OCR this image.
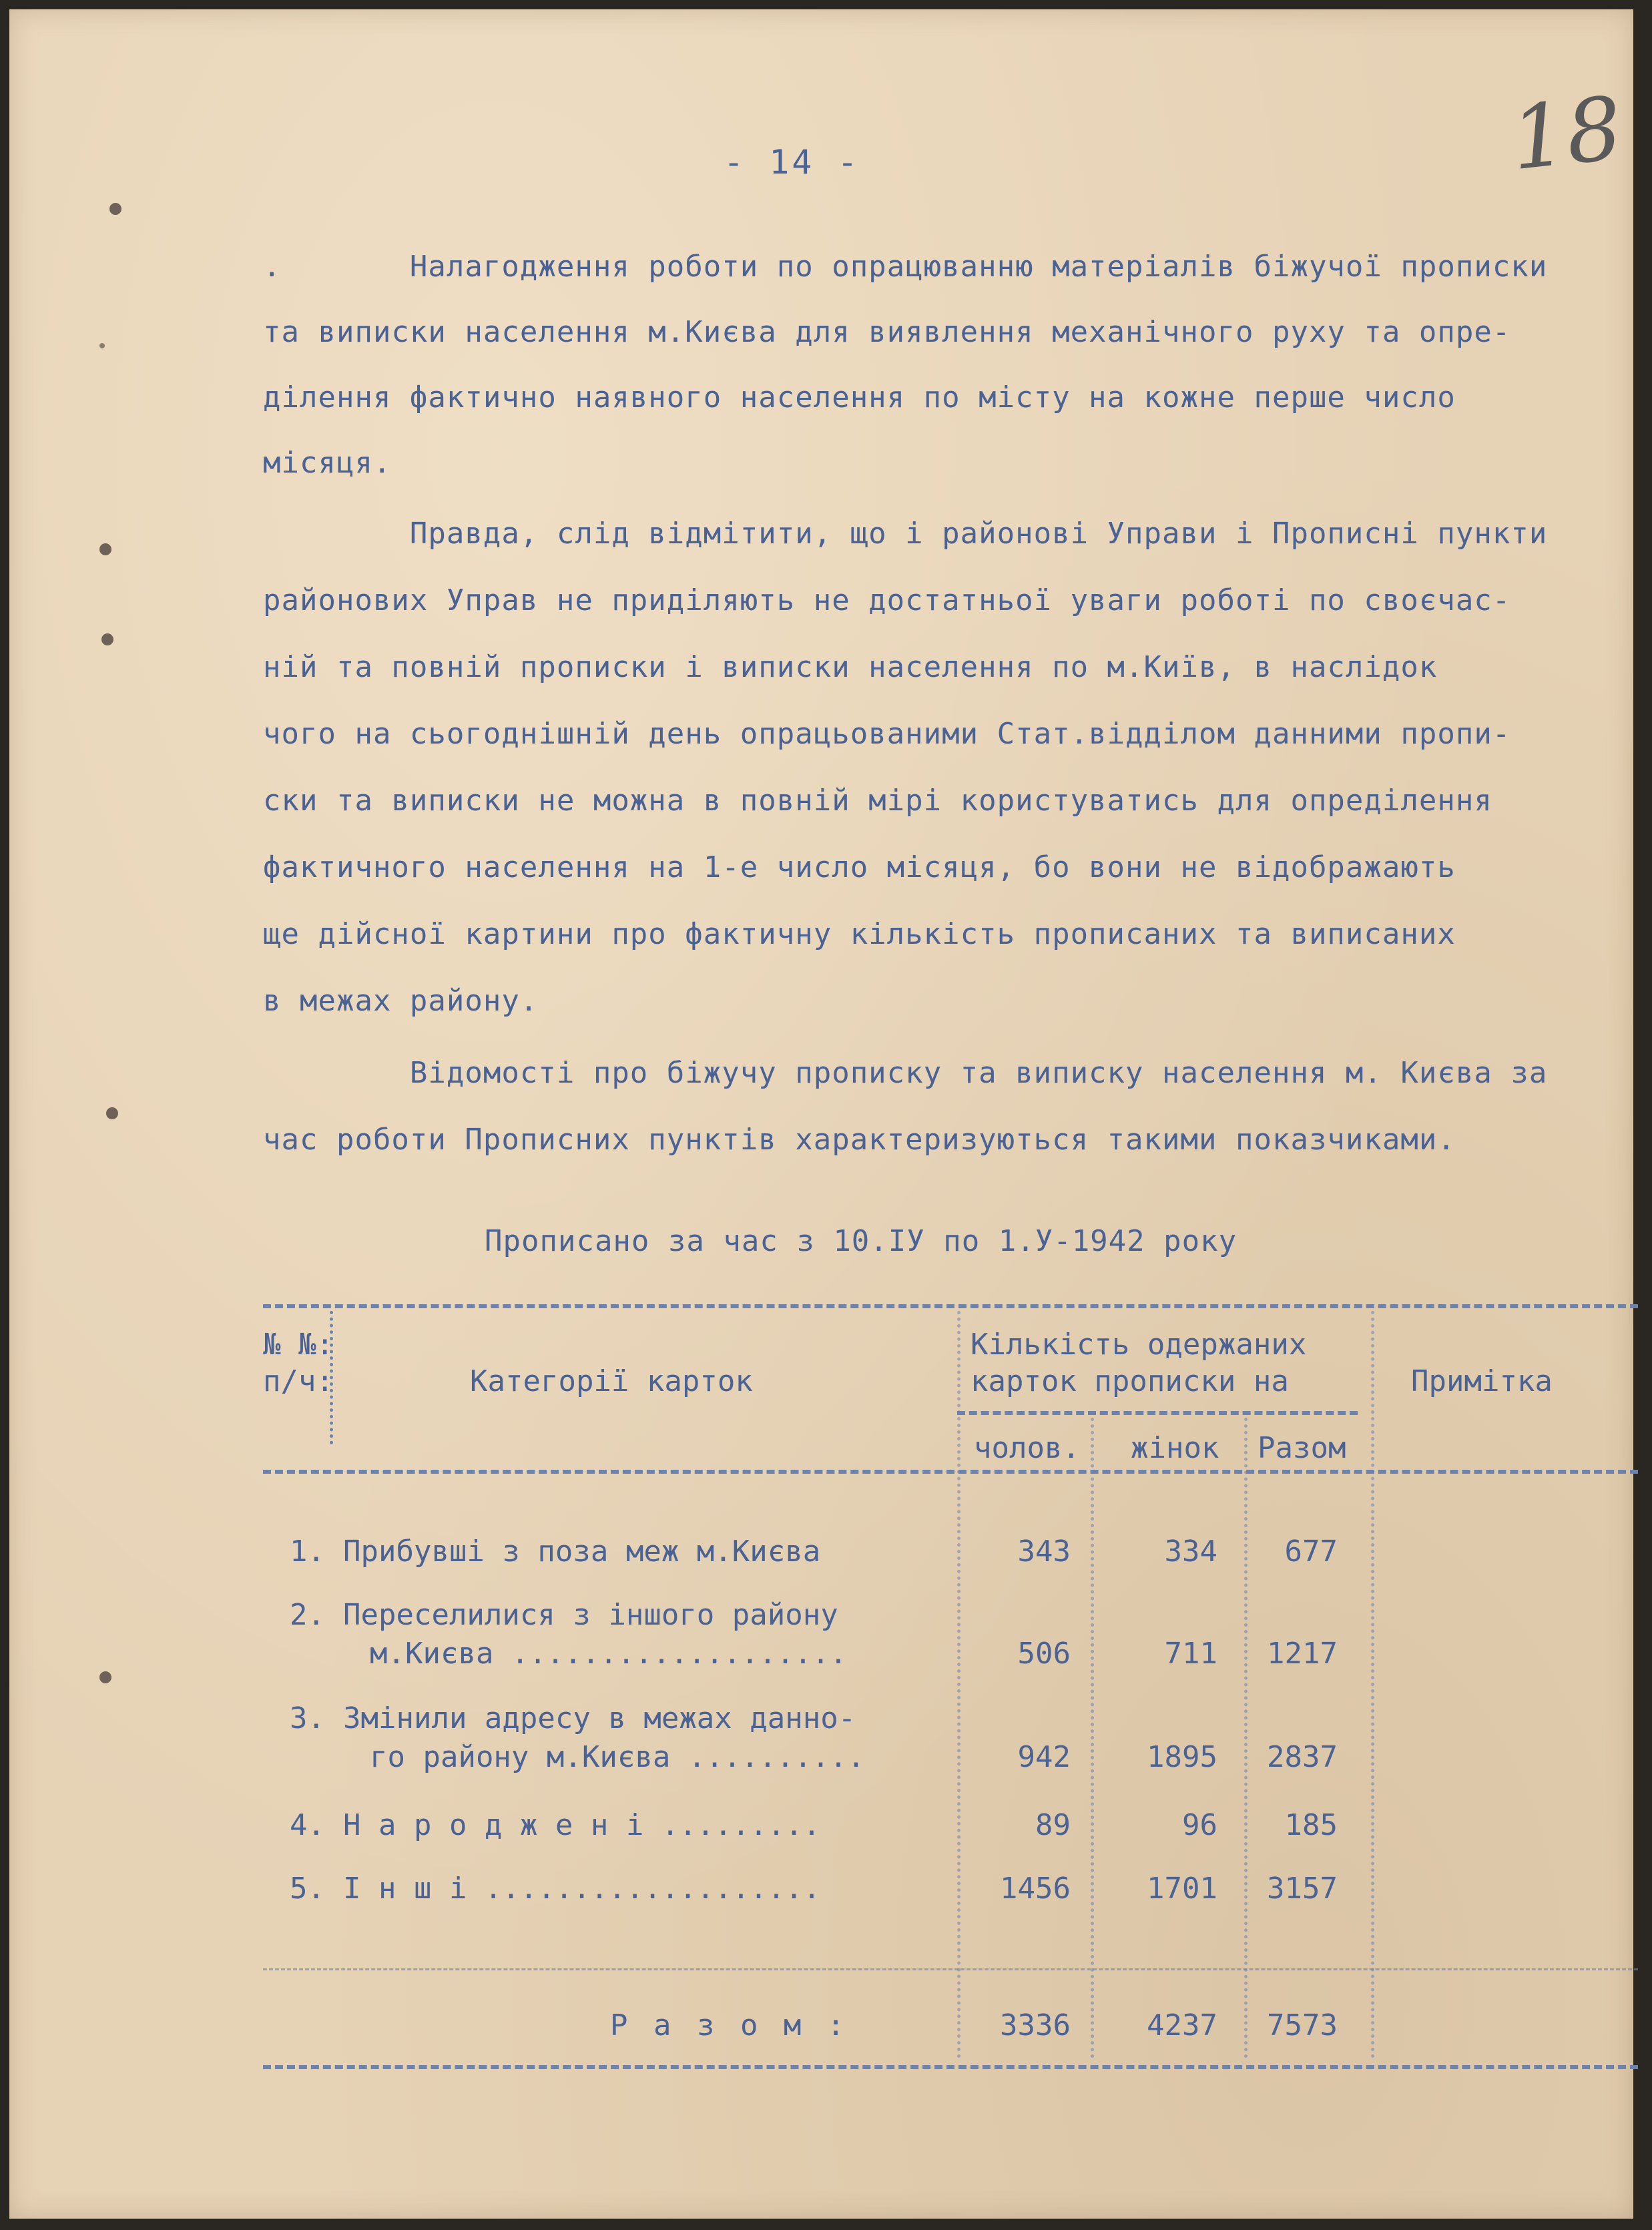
- 14 -	18
.       Налагодження роботи по опрацюванню матеріалів біжучої прописки
та виписки населення м.Києва для виявлення механічного руху та опре-
ділення фактично наявного населення по місту на кожне перше число
місяця.
Правда, слід відмітити, що і районові Управи і Прописні пункти
районових Управ не приділяють не достатньої уваги роботі по своєчас-
ній та повній прописки і виписки населення по м.Київ, в наслідок
чого на сьогоднішній день опрацьованими Стат.відділом данними пропи-
ски та виписки не можна в повній мірі користуватись для опреділення
фактичного населення на 1-е число місяця, бо вони не відображають
ще дійсної картини про фактичну кількість прописаних та виписаних
в межах району.
Відомості про біжучу прописку та виписку населення м. Києва за
час роботи Прописних пунктів характеризуються такими показчиками.
Прописано за час з 10.IУ по 1.У-1942 року
№ №:
п/ч:	Категорії карток
Кількість одержаних
карток прописки на
чолов. жінок Разом
Примітка
1. Прибувші з поза меж м.Києва	343	334	677
2. Переселилися з іншого району
м.Києва ...................	506	711	1217
3. Змінили адресу в межах данно-
го району м.Києва ..........	942	1895	2837
4. Н а р о д ж е н і .........	89	96	185
5. І н ш і ...................	1456	1701	3157
Р а з о м :	3336	4237	7573
